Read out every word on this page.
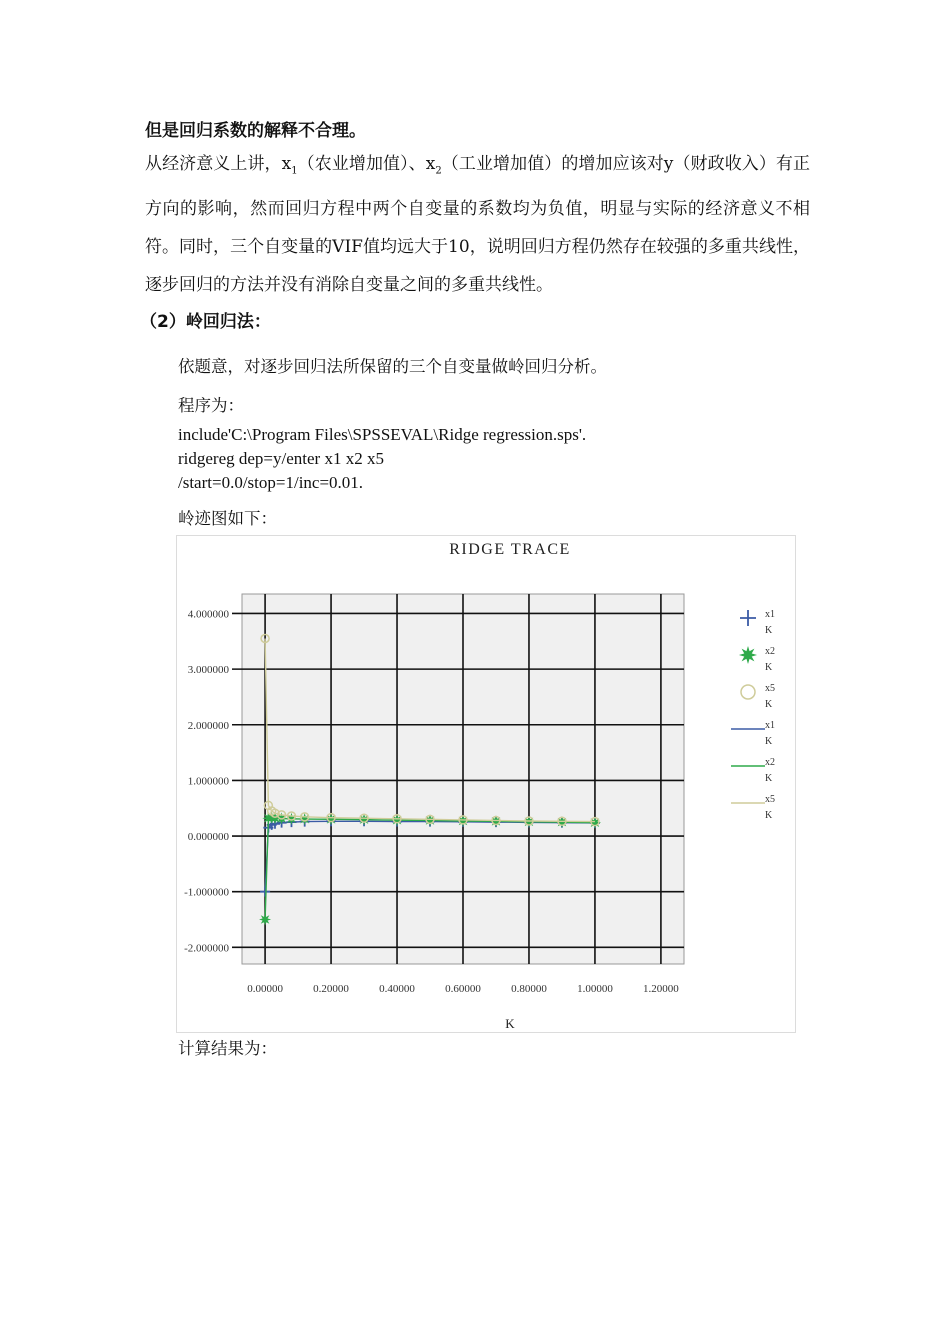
但是回归系数的解释不合理。
从经济意义上讲，$x_1$（农业增加值）、$x_2$（工业增加值）的增加应该对y（财政收入）有正方向的影响，然而回归方程中两个自变量的系数均为负值，明显与实际的经济意义不相符。同时，三个自变量的VIF值均远大于10，说明回归方程仍然存在较强的多重共线性，逐步回归的方法并没有消除自变量之间的多重共线性。
（2）岭回归法：
依题意，对逐步回归法所保留的三个自变量做岭回归分析。
程序为：
include'C:\Program Files\SPSSEVAL\Ridge regression.sps'.
ridgereg dep=y/enter x1 x2 x5
/start=0.0/stop=1/inc=0.01.
岭迹图如下：
4.000000
3.000000
2.000000
1.000000
0.000000
-1.000000
-2.000000
0.00000	0.20000	0.40000	0.60000	0.80000	1.00000	1.20000
x1
K
x2
K
x5
K
x1
K
x2
K
x5
K
RIDGE TRACE
K
计算结果为：
